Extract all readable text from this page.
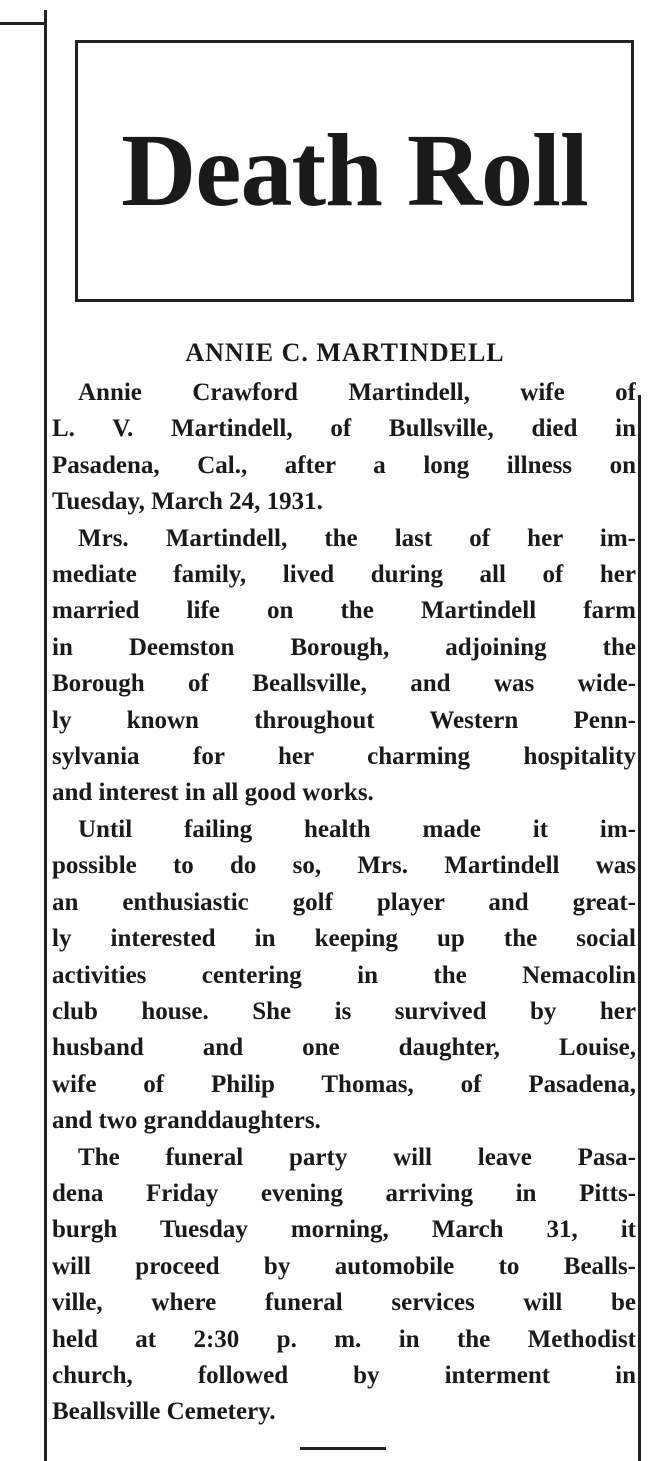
Death Roll
ANNIE C. MARTINDELL
Annie Crawford Martindell, wife of
L. V. Martindell, of Bullsville, died in
Pasadena, Cal., after a long illness on
Tuesday, March 24, 1931.
Mrs. Martindell, the last of her im-
mediate family, lived during all of her
married life on the Martindell farm
in Deemston Borough, adjoining the
Borough of Beallsville, and was wide-
ly known throughout Western Penn-
sylvania for her charming hospitality
and interest in all good works.
Until failing health made it im-
possible to do so, Mrs. Martindell was
an enthusiastic golf player and great-
ly interested in keeping up the social
activities centering in the Nemacolin
club house. She is survived by her
husband and one daughter, Louise,
wife of Philip Thomas, of Pasadena,
and two granddaughters.
The funeral party will leave Pasa-
dena Friday evening arriving in Pitts-
burgh Tuesday morning, March 31, it
will proceed by automobile to Bealls-
ville, where funeral services will be
held at 2:30 p. m. in the Methodist
church, followed by interment in
Beallsville Cemetery.
